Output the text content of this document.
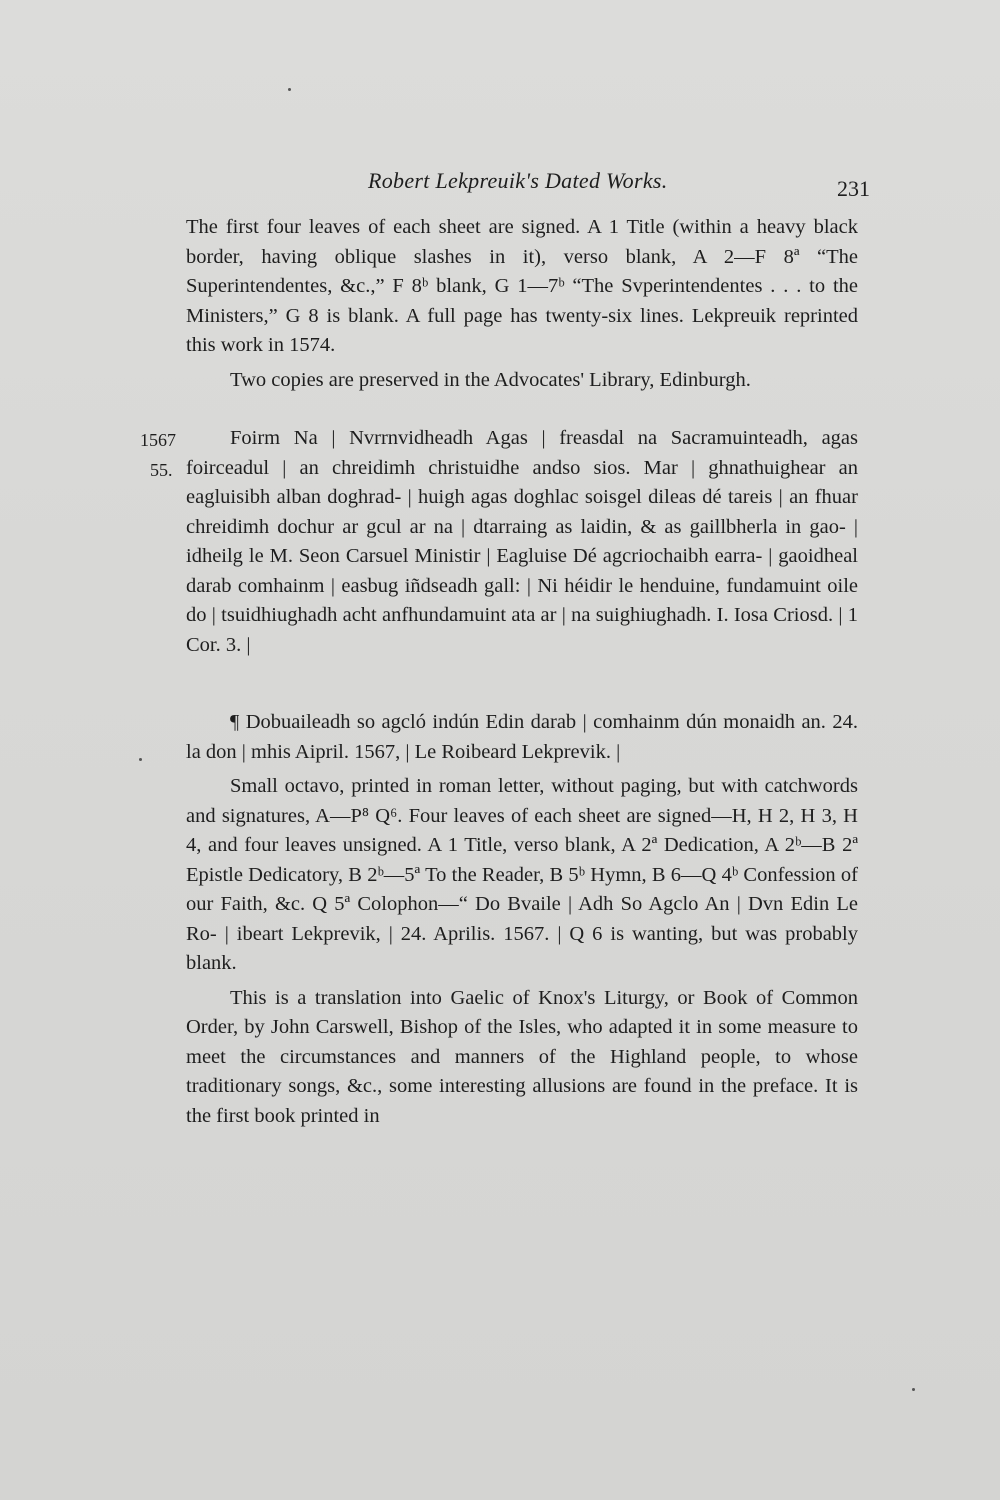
Robert Lekpreuik's Dated Works.	231

The first four leaves of each sheet are signed. A 1 Title (within a heavy black border, having oblique slashes in it), verso blank, A 2—F 8ª “The Superintendentes, &c.,” F 8ᵇ blank, G 1—7ᵇ “The Svperintendentes . . . to the Ministers,” G 8 is blank. A full page has twenty-six lines. Lekpreuik reprinted this work in 1574.

Two copies are preserved in the Advocates' Library, Edinburgh.

1567
55.

Foirm Na | Nvrrnvidheadh Agas | freasdal na Sacramuinteadh, agas foirceadul | an chreidimh christuidhe andso sios. Mar | ghnathuighear an eagluisibh alban doghrad- | huigh agas doghlac soisgel dileas dé tareis | an fhuar chreidimh dochur ar gcul ar na | dtarraing as laidin, & as gaillbherla in gao- | idheilg le M. Seon Carsuel Ministir | Eagluise Dé agcriochaibh earra- | gaoidheal darab comhainm | easbug iñdseadh gall: | Ni héidir le henduine, fundamuint oile do | tsuidhiughadh acht anfhundamuint ata ar | na suighiughadh. I. Iosa Criosd. | 1 Cor. 3. |

¶ Dobuaileadh so agcló indún Edin darab | comhainm dún monaidh an. 24. la don | mhis Aipril. 1567, | Le Roibeard Lekprevik. |

Small octavo, printed in roman letter, without paging, but with catchwords and signatures, A—P⁸ Q⁶. Four leaves of each sheet are signed—H, H 2, H 3, H 4, and four leaves unsigned. A 1 Title, verso blank, A 2ª Dedication, A 2ᵇ—B 2ª Epistle Dedicatory, B 2ᵇ—5ª To the Reader, B 5ᵇ Hymn, B 6—Q 4ᵇ Confession of our Faith, &c. Q 5ª Colophon—“ Do Bvaile | Adh So Agclo An | Dvn Edin Le Ro- | ibeart Lekprevik, | 24. Aprilis. 1567. | Q 6 is wanting, but was probably blank.

This is a translation into Gaelic of Knox's Liturgy, or Book of Common Order, by John Carswell, Bishop of the Isles, who adapted it in some measure to meet the circumstances and manners of the Highland people, to whose traditionary songs, &c., some interesting allusions are found in the preface. It is the first book printed in
